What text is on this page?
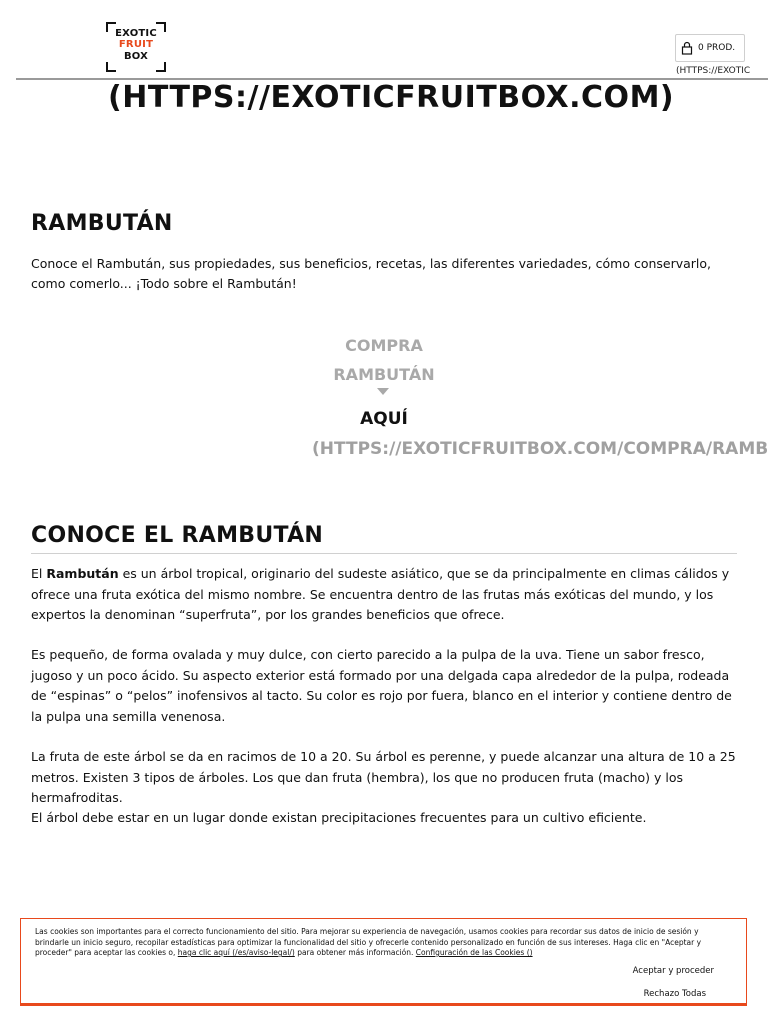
EXOTIC
FRUIT
BOX
0 PROD.
(HTTPS://EXOTIC
(HTTPS://EXOTICFRUITBOX.COM)
RAMBUTÁN

Conoce el Rambután, sus propiedades, sus beneficios, recetas, las diferentes variedades, cómo conservarlo, como comerlo... ¡Todo sobre el Rambután!

COMPRA
RAMBUTÁN
AQUÍ
(HTTPS://EXOTICFRUITBOX.COM/COMPRA/RAMB
CONOCE EL RAMBUTÁN

El Rambután es un árbol tropical, originario del sudeste asiático, que se da principalmente en climas cálidos y ofrece una fruta exótica del mismo nombre. Se encuentra dentro de las frutas más exóticas del mundo, y los expertos la denominan “superfruta”, por los grandes beneficios que ofrece.

Es pequeño, de forma ovalada y muy dulce, con cierto parecido a la pulpa de la uva. Tiene un sabor fresco, jugoso y un poco ácido. Su aspecto exterior está formado por una delgada capa alrededor de la pulpa, rodeada de “espinas” o “pelos” inofensivos al tacto. Su color es rojo por fuera, blanco en el interior y contiene dentro de la pulpa una semilla venenosa.

La fruta de este árbol se da en racimos de 10 a 20. Su árbol es perenne, y puede alcanzar una altura de 10 a 25 metros. Existen 3 tipos de árboles. Los que dan fruta (hembra), los que no producen fruta (macho) y los hermafroditas.

El árbol debe estar en un lugar donde existan precipitaciones frecuentes para un cultivo eficiente.

Las cookies son importantes para el correcto funcionamiento del sitio. Para mejorar su experiencia de navegación, usamos cookies para recordar sus datos de inicio de sesión y brindarle un inicio seguro, recopilar estadísticas para optimizar la funcionalidad del sitio y ofrecerle contenido personalizado en función de sus intereses. Haga clic en "Aceptar y proceder" para aceptar las cookies o, haga clic aquí (/es/aviso-legal/) para obtener más información. Configuración de las Cookies ()
Aceptar y proceder
Rechazo Todas
